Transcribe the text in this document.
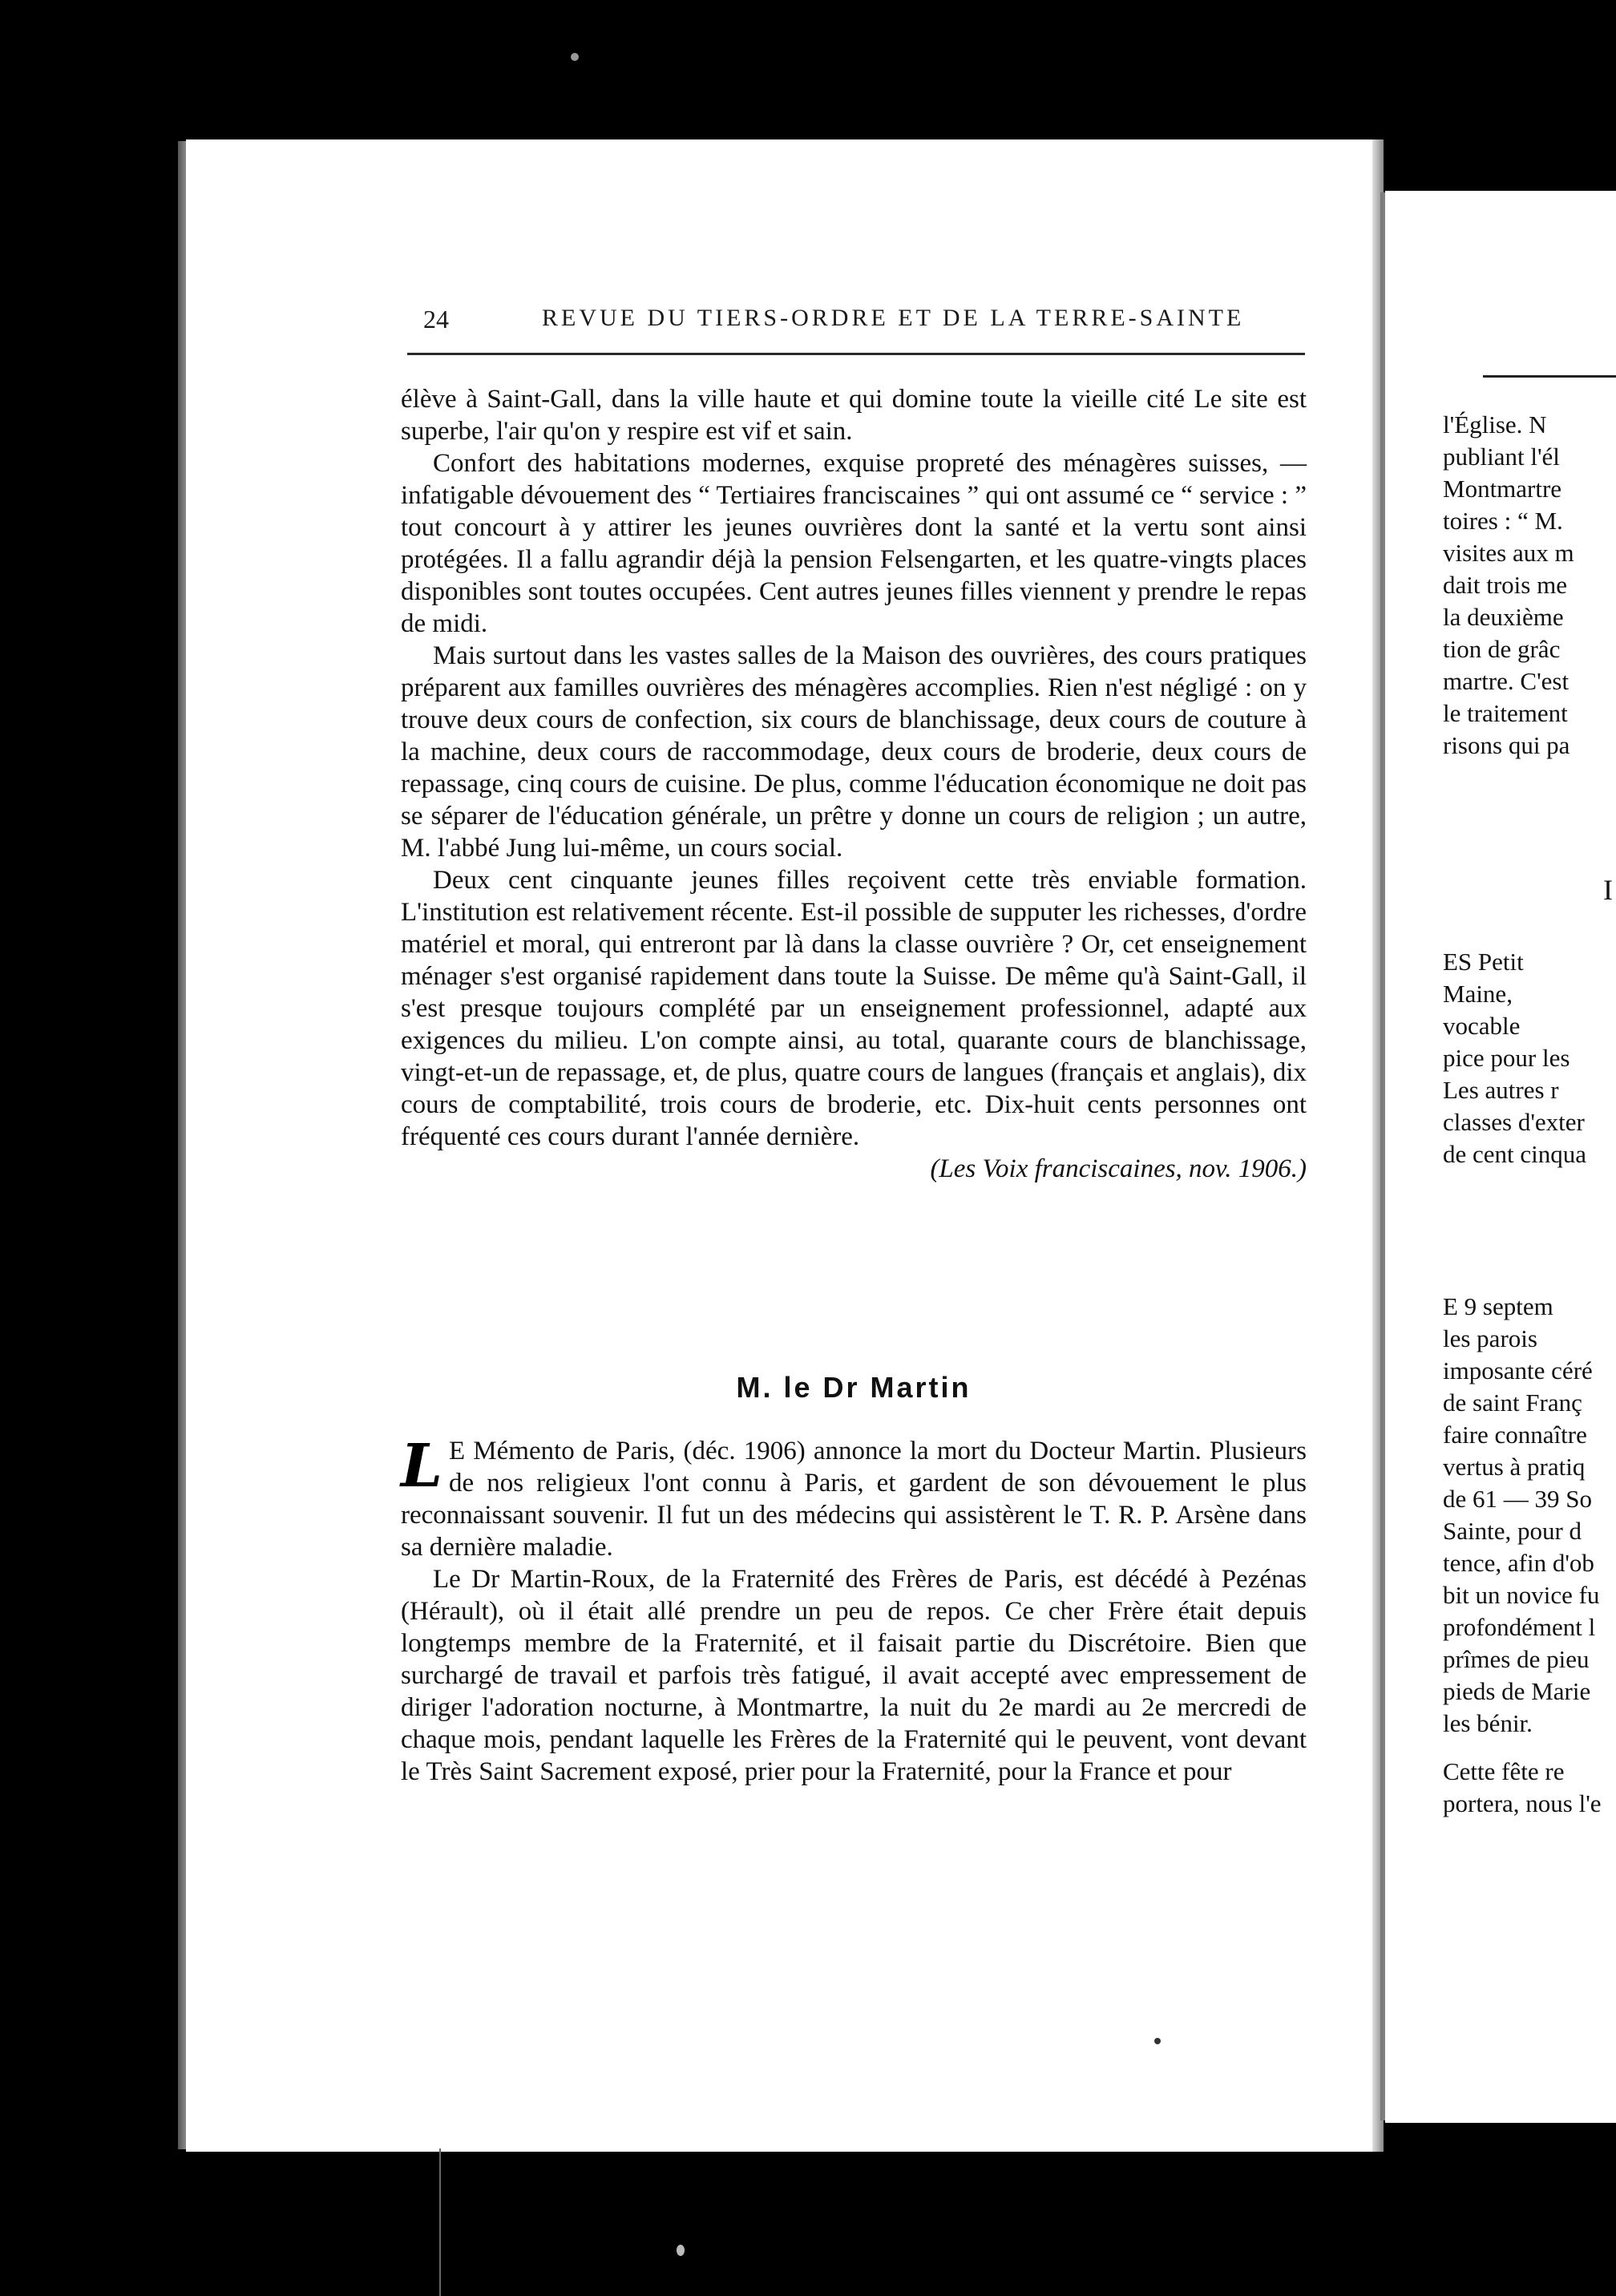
24	REVUE DU TIERS-ORDRE ET DE LA TERRE-SAINTE

élève à Saint-Gall, dans la ville haute et qui domine toute la vieille cité Le site est superbe, l'air qu'on y respire est vif et sain.

Confort des habitations modernes, exquise propreté des ménagères suisses, — infatigable dévouement des “ Tertiaires franciscaines ” qui ont assumé ce “ service : ” tout concourt à y attirer les jeunes ouvrières dont la santé et la vertu sont ainsi protégées. Il a fallu agrandir déjà la pension Felsengarten, et les quatre-vingts places disponibles sont toutes occupées. Cent autres jeunes filles viennent y prendre le repas de midi.

Mais surtout dans les vastes salles de la Maison des ouvrières, des cours pratiques préparent aux familles ouvrières des ménagères accomplies. Rien n'est négligé : on y trouve deux cours de confection, six cours de blanchissage, deux cours de couture à la machine, deux cours de raccommodage, deux cours de broderie, deux cours de repassage, cinq cours de cuisine. De plus, comme l'éducation économique ne doit pas se séparer de l'éducation générale, un prêtre y donne un cours de religion ; un autre, M. l'abbé Jung lui-même, un cours social.

Deux cent cinquante jeunes filles reçoivent cette très enviable formation. L'institution est relativement récente. Est-il possible de supputer les richesses, d'ordre matériel et moral, qui entreront par là dans la classe ouvrière ? Or, cet enseignement ménager s'est organisé rapidement dans toute la Suisse. De même qu'à Saint-Gall, il s'est presque toujours complété par un enseignement professionnel, adapté aux exigences du milieu. L'on compte ainsi, au total, quarante cours de blanchissage, vingt-et-un de repassage, et, de plus, quatre cours de langues (français et anglais), dix cours de comptabilité, trois cours de broderie, etc. Dix-huit cents personnes ont fréquenté ces cours durant l'année dernière.

(Les Voix franciscaines, nov. 1906.)
M. le Dr Martin

L E Mémento de Paris, (déc. 1906) annonce la mort du Docteur Martin. Plusieurs de nos religieux l'ont connu à Paris, et gardent de son dévouement le plus reconnaissant souvenir. Il fut un des médecins qui assistèrent le T. R. P. Arsène dans sa dernière maladie.

Le Dr Martin-Roux, de la Fraternité des Frères de Paris, est décédé à Pezénas (Hérault), où il était allé prendre un peu de repos. Ce cher Frère était depuis longtemps membre de la Fraternité, et il faisait partie du Discrétoire. Bien que surchargé de travail et parfois très fatigué, il avait accepté avec empressement de diriger l'adoration nocturne, à Montmartre, la nuit du 2e mardi au 2e mercredi de chaque mois, pendant laquelle les Frères de la Fraternité qui le peuvent, vont devant le Très Saint Sacrement exposé, prier pour la Fraternité, pour la France et pour

l'Église. N
publiant l'él
Montmartre
toires : “ M.
visites aux m
dait trois me
la deuxième
tion de grâc
martre. C'est
le traitement
risons qui pa
I
ES Petit
Maine,
vocable
pice pour les
Les autres r
classes d'exter
de cent cinqua
E 9 septem
les parois
imposante céré
de saint Franç
faire connaître
vertus à pratiq
de 61 — 39 So
Sainte, pour d
tence, afin d'ob
bit un novice fu
profondément l
prîmes de pieu
pieds de Marie
les bénir.
Cette fête re
portera, nous l'e
